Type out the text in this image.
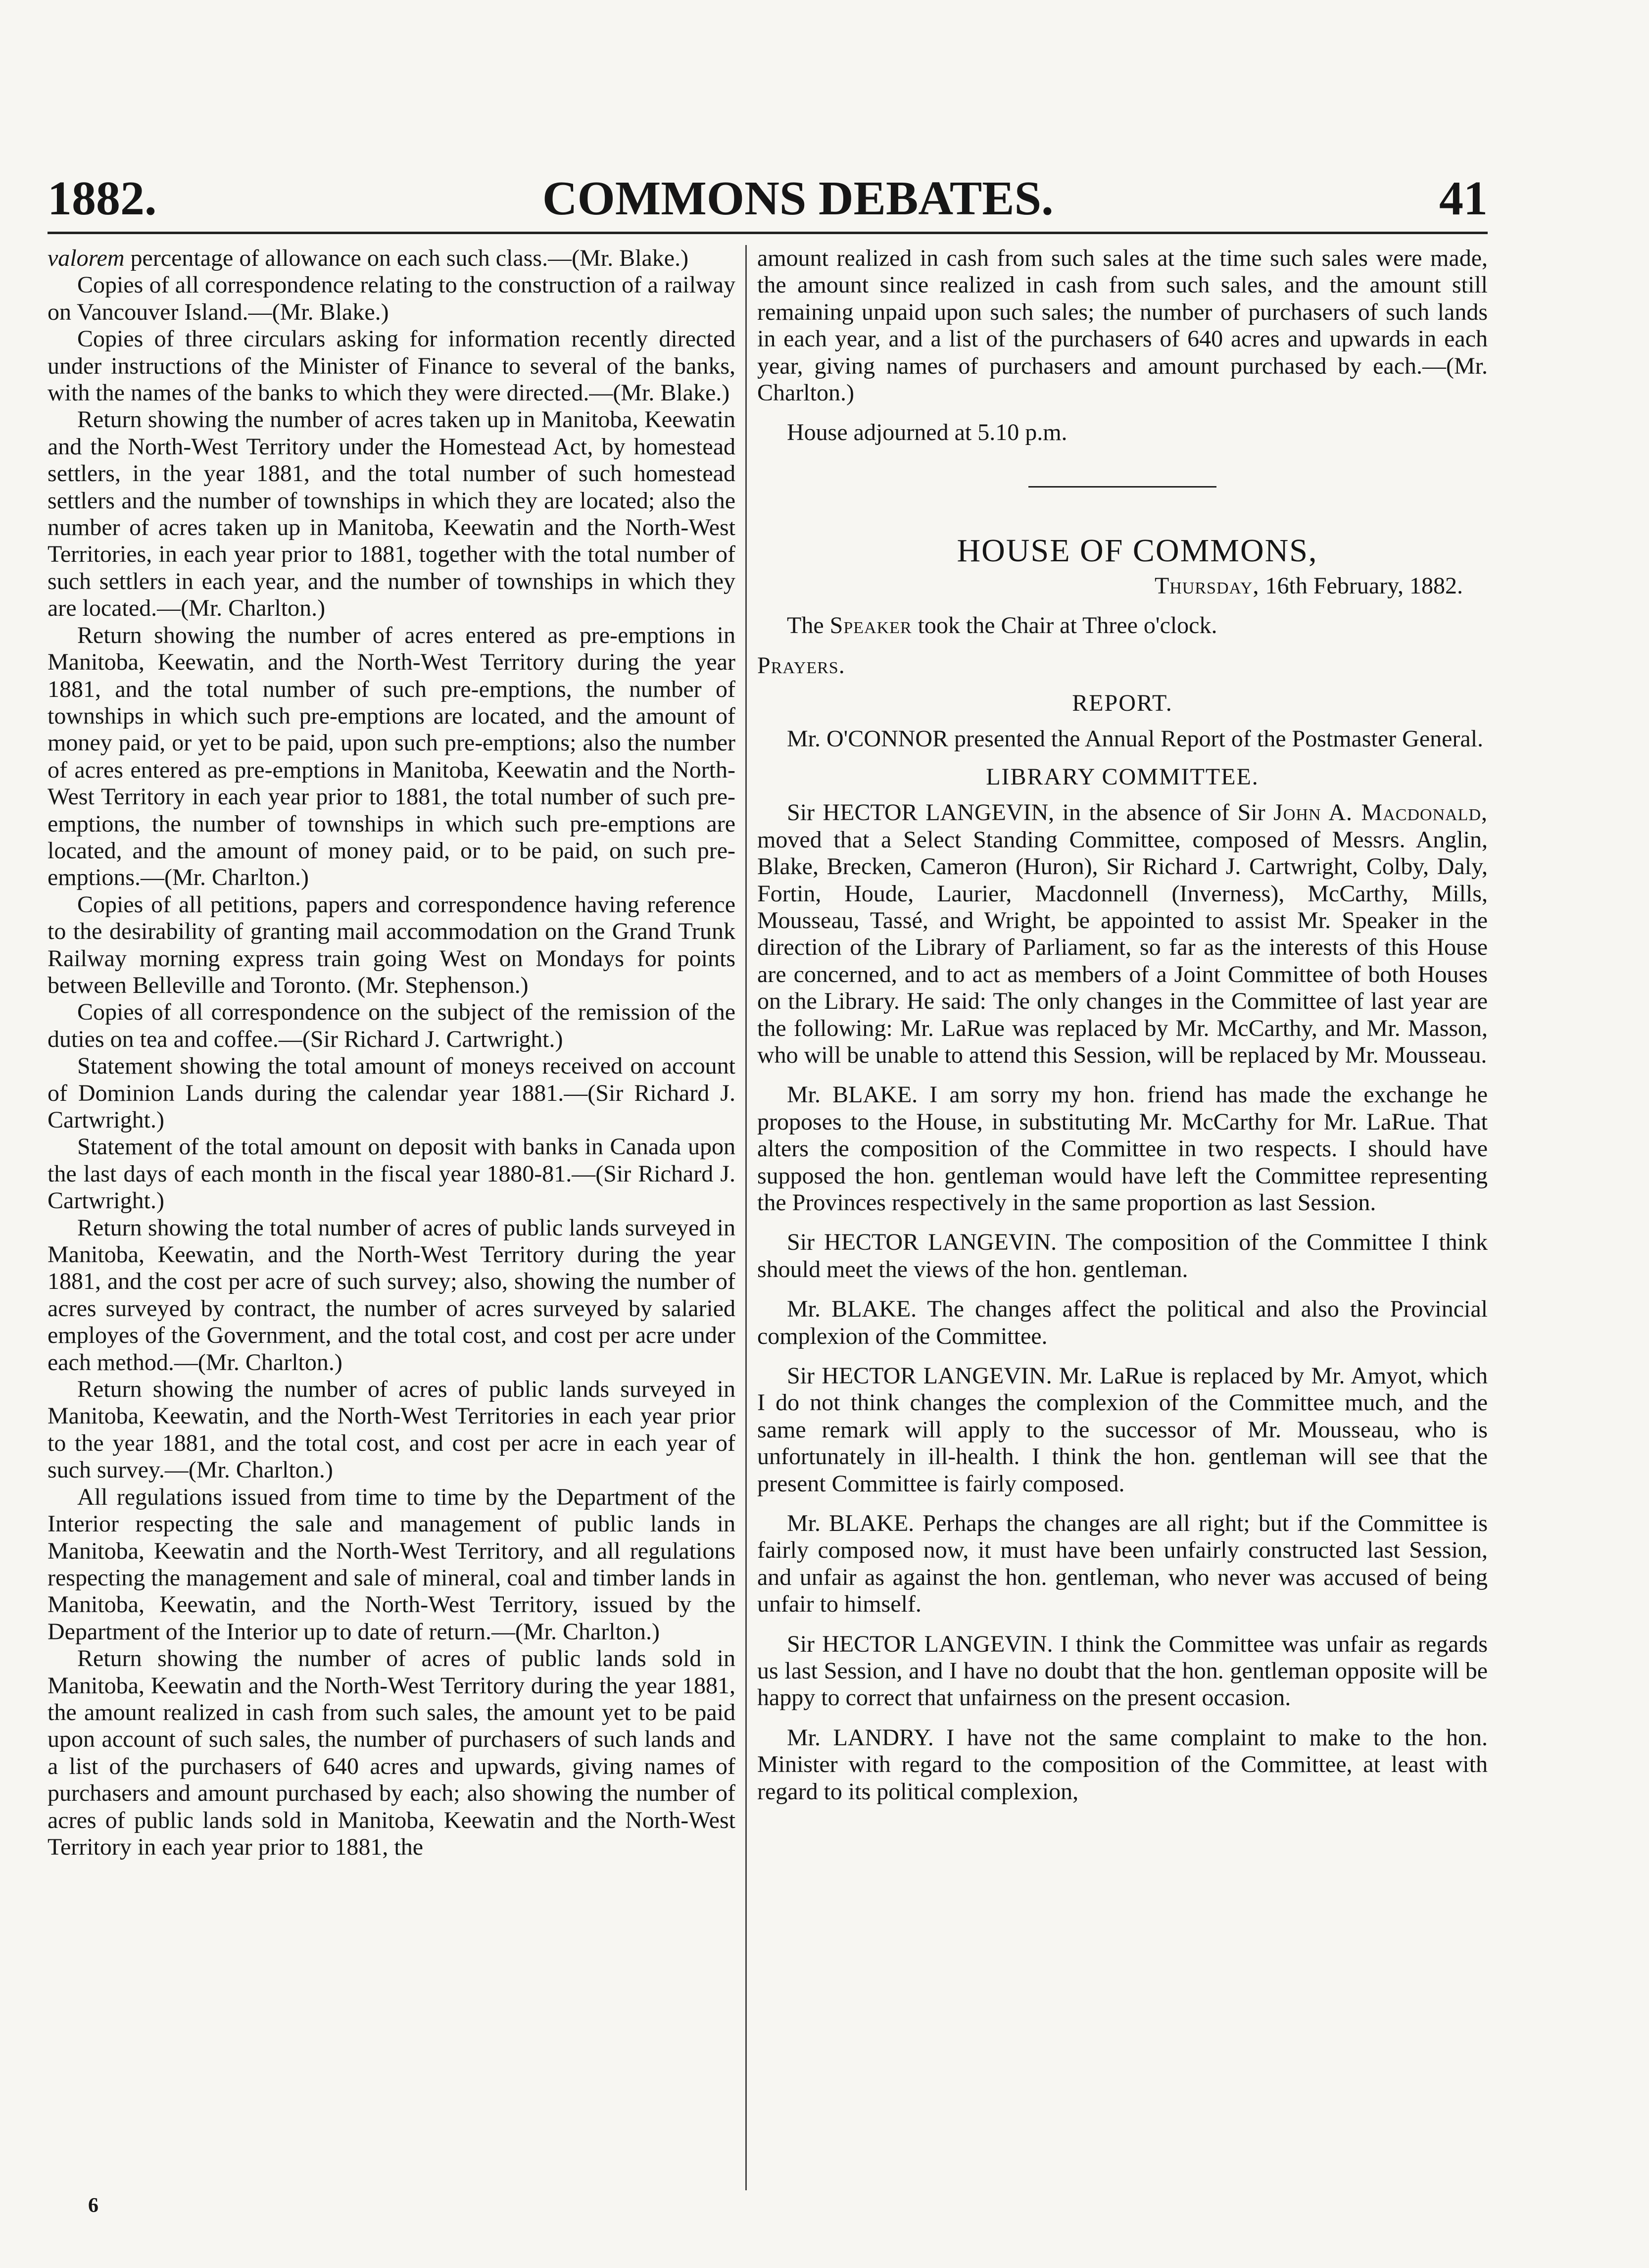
1882.	COMMONS DEBATES.	41

valorem percentage of allowance on each such class.—(Mr. Blake.)

Copies of all correspondence relating to the construction of a railway on Vancouver Island.—(Mr. Blake.)

Copies of three circulars asking for information recently directed under instructions of the Minister of Finance to several of the banks, with the names of the banks to which they were directed.—(Mr. Blake.)

Return showing the number of acres taken up in Manitoba, Keewatin and the North-West Territory under the Homestead Act, by homestead settlers, in the year 1881, and the total number of such homestead settlers and the number of townships in which they are located; also the number of acres taken up in Manitoba, Keewatin and the North-West Territories, in each year prior to 1881, together with the total number of such settlers in each year, and the number of townships in which they are located.—(Mr. Charlton.)

Return showing the number of acres entered as pre-emptions in Manitoba, Keewatin, and the North-West Territory during the year 1881, and the total number of such pre-emptions, the number of townships in which such pre-emptions are located, and the amount of money paid, or yet to be paid, upon such pre-emptions; also the number of acres entered as pre-emptions in Manitoba, Keewatin and the North-West Territory in each year prior to 1881, the total number of such pre-emptions, the number of townships in which such pre-emptions are located, and the amount of money paid, or to be paid, on such pre-emptions.—(Mr. Charlton.)

Copies of all petitions, papers and correspondence having reference to the desirability of granting mail accommodation on the Grand Trunk Railway morning express train going West on Mondays for points between Belleville and Toronto. (Mr. Stephenson.)

Copies of all correspondence on the subject of the remission of the duties on tea and coffee.—(Sir Richard J. Cartwright.)

Statement showing the total amount of moneys received on account of Dominion Lands during the calendar year 1881.—(Sir Richard J. Cartwright.)

Statement of the total amount on deposit with banks in Canada upon the last days of each month in the fiscal year 1880-81.—(Sir Richard J. Cartwright.)

Return showing the total number of acres of public lands surveyed in Manitoba, Keewatin, and the North-West Territory during the year 1881, and the cost per acre of such survey; also, showing the number of acres surveyed by contract, the number of acres surveyed by salaried employes of the Government, and the total cost, and cost per acre under each method.—(Mr. Charlton.)

Return showing the number of acres of public lands surveyed in Manitoba, Keewatin, and the North-West Territories in each year prior to the year 1881, and the total cost, and cost per acre in each year of such survey.—(Mr. Charlton.)

All regulations issued from time to time by the Department of the Interior respecting the sale and management of public lands in Manitoba, Keewatin and the North-West Territory, and all regulations respecting the management and sale of mineral, coal and timber lands in Manitoba, Keewatin, and the North-West Territory, issued by the Department of the Interior up to date of return.—(Mr. Charlton.)

Return showing the number of acres of public lands sold in Manitoba, Keewatin and the North-West Territory during the year 1881, the amount realized in cash from such sales, the amount yet to be paid upon account of such sales, the number of purchasers of such lands and a list of the purchasers of 640 acres and upwards, giving names of purchasers and amount purchased by each; also showing the number of acres of public lands sold in Manitoba, Keewatin and the North-West Territory in each year prior to 1881, the

amount realized in cash from such sales at the time such sales were made, the amount since realized in cash from such sales, and the amount still remaining unpaid upon such sales; the number of purchasers of such lands in each year, and a list of the purchasers of 640 acres and upwards in each year, giving names of purchasers and amount purchased by each.—(Mr. Charlton.)

House adjourned at 5.10 p.m.

HOUSE OF COMMONS,

Thursday, 16th February, 1882.

The Speaker took the Chair at Three o'clock.

Prayers.

REPORT.

Mr. O'CONNOR presented the Annual Report of the Postmaster General.

LIBRARY COMMITTEE.

Sir HECTOR LANGEVIN, in the absence of Sir John A. Macdonald, moved that a Select Standing Committee, composed of Messrs. Anglin, Blake, Brecken, Cameron (Huron), Sir Richard J. Cartwright, Colby, Daly, Fortin, Houde, Laurier, Macdonnell (Inverness), McCarthy, Mills, Mousseau, Tassé, and Wright, be appointed to assist Mr. Speaker in the direction of the Library of Parliament, so far as the interests of this House are concerned, and to act as members of a Joint Committee of both Houses on the Library. He said: The only changes in the Committee of last year are the following: Mr. LaRue was replaced by Mr. McCarthy, and Mr. Masson, who will be unable to attend this Session, will be replaced by Mr. Mousseau.

Mr. BLAKE. I am sorry my hon. friend has made the exchange he proposes to the House, in substituting Mr. McCarthy for Mr. LaRue. That alters the composition of the Committee in two respects. I should have supposed the hon. gentleman would have left the Committee representing the Provinces respectively in the same proportion as last Session.

Sir HECTOR LANGEVIN. The composition of the Committee I think should meet the views of the hon. gentleman.

Mr. BLAKE. The changes affect the political and also the Provincial complexion of the Committee.

Sir HECTOR LANGEVIN. Mr. LaRue is replaced by Mr. Amyot, which I do not think changes the complexion of the Committee much, and the same remark will apply to the successor of Mr. Mousseau, who is unfortunately in ill-health. I think the hon. gentleman will see that the present Committee is fairly composed.

Mr. BLAKE. Perhaps the changes are all right; but if the Committee is fairly composed now, it must have been unfairly constructed last Session, and unfair as against the hon. gentleman, who never was accused of being unfair to himself.

Sir HECTOR LANGEVIN. I think the Committee was unfair as regards us last Session, and I have no doubt that the hon. gentleman opposite will be happy to correct that unfairness on the present occasion.

Mr. LANDRY. I have not the same complaint to make to the hon. Minister with regard to the composition of the Committee, at least with regard to its political complexion,

6
